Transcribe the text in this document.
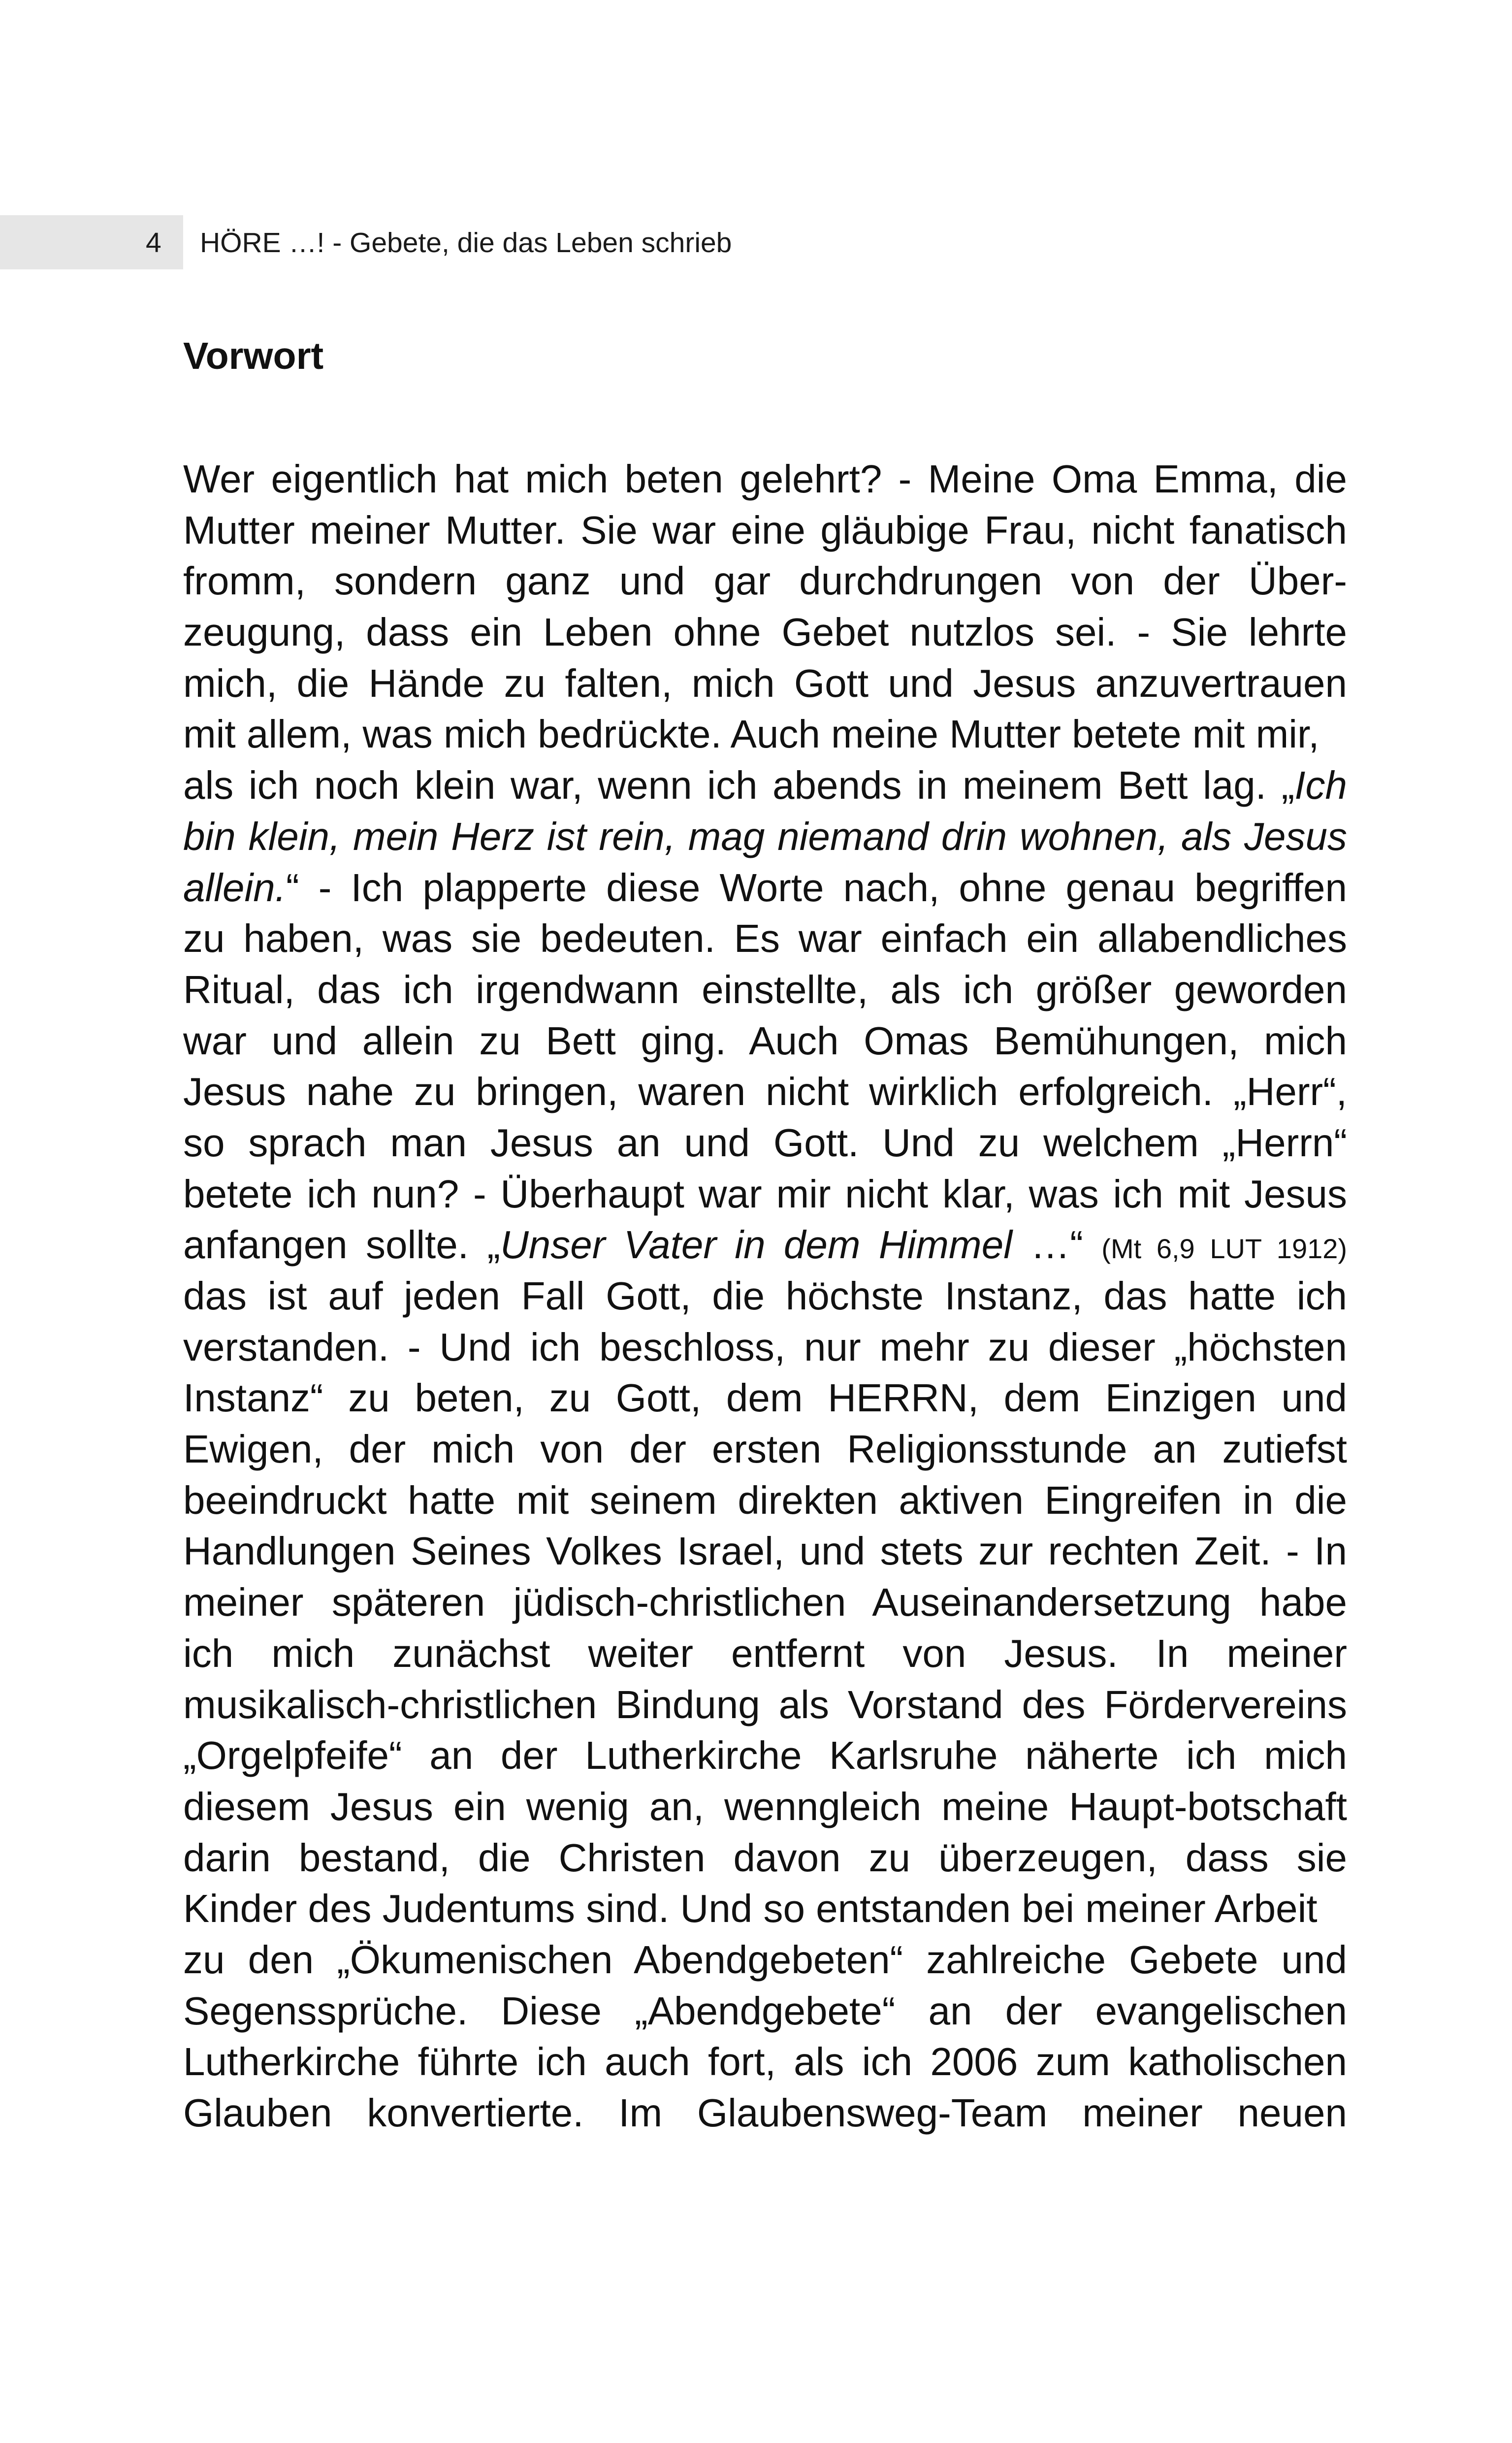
4 HÖRE …! - Gebete, die das Leben schrieb
Vorwort
Wer eigentlich hat mich beten gelehrt? - Meine Oma Emma, die
Mutter meiner Mutter. Sie war eine gläubige Frau, nicht fanatisch
fromm, sondern ganz und gar durchdrungen von der Über-
zeugung, dass ein Leben ohne Gebet nutzlos sei. - Sie lehrte
mich, die Hände zu falten, mich Gott und Jesus anzuvertrauen
mit allem, was mich bedrückte. Auch meine Mutter betete mit mir,
als ich noch klein war, wenn ich abends in meinem Bett lag. „Ich
bin klein, mein Herz ist rein, mag niemand drin wohnen, als Jesus
allein.“ - Ich plapperte diese Worte nach, ohne genau begriffen
zu haben, was sie bedeuten. Es war einfach ein allabendliches
Ritual, das ich irgendwann einstellte, als ich größer geworden
war und allein zu Bett ging. Auch Omas Bemühungen, mich
Jesus nahe zu bringen, waren nicht wirklich erfolgreich. „Herr“,
so sprach man Jesus an und Gott. Und zu welchem „Herrn“
betete ich nun? - Überhaupt war mir nicht klar, was ich mit Jesus
anfangen sollte. „Unser Vater in dem Himmel …“ (Mt 6,9 LUT 1912)
das ist auf jeden Fall Gott, die höchste Instanz, das hatte ich
verstanden. - Und ich beschloss, nur mehr zu dieser „höchsten
Instanz“ zu beten, zu Gott, dem HERRN, dem Einzigen und
Ewigen, der mich von der ersten Religionsstunde an zutiefst
beeindruckt hatte mit seinem direkten aktiven Eingreifen in die
Handlungen Seines Volkes Israel, und stets zur rechten Zeit. - In
meiner späteren jüdisch-christlichen Auseinandersetzung habe
ich mich zunächst weiter entfernt von Jesus. In meiner
musikalisch-christlichen Bindung als Vorstand des Fördervereins
„Orgelpfeife“ an der Lutherkirche Karlsruhe näherte ich mich
diesem Jesus ein wenig an, wenngleich meine Haupt-botschaft
darin bestand, die Christen davon zu überzeugen, dass sie
Kinder des Judentums sind. Und so entstanden bei meiner Arbeit
zu den „Ökumenischen Abendgebeten“ zahlreiche Gebete und
Segenssprüche. Diese „Abendgebete“ an der evangelischen
Lutherkirche führte ich auch fort, als ich 2006 zum katholischen
Glauben konvertierte. Im Glaubensweg-Team meiner neuen
